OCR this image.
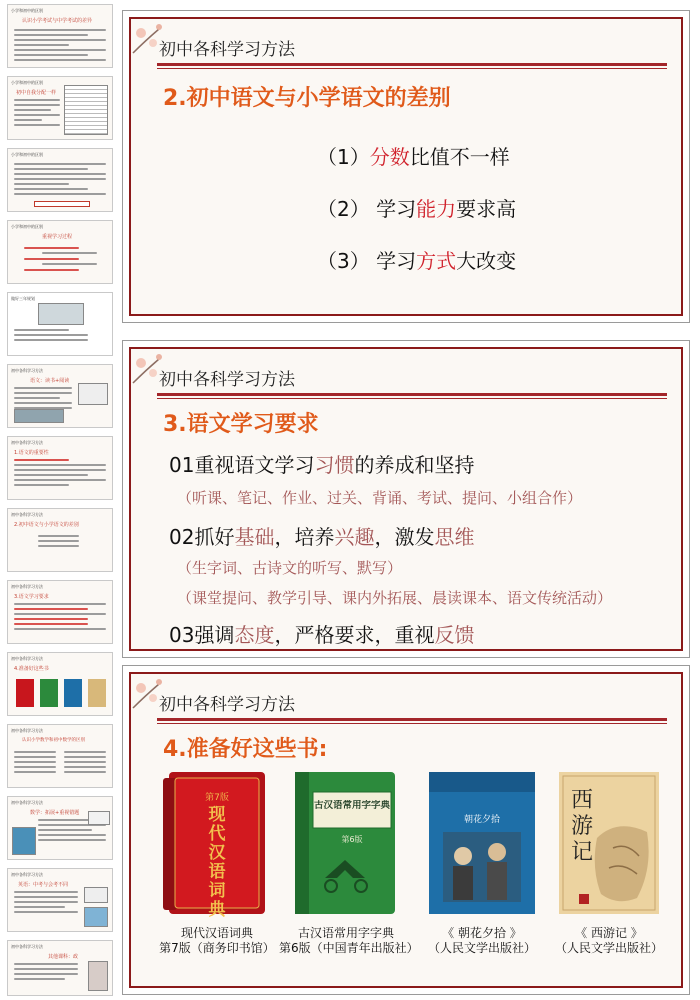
小学和初中的区别
认识小学考试与中学考试的差异
小学和初中的区别
初中自我分配一样
小学和初中的区别
小学和初中的区别
重视学习过程
做好三年规划
初中各科学习方法
语文：读书+阅读
初中各科学习方法
1.语文的重要性
初中各科学习方法
2.初中语文与小学语文的差别
初中各科学习方法
3.语文学习要求
初中各科学习方法
4.准备好这些书
初中各科学习方法
认识小学数学和初中数学的区别
初中各科学习方法
数学：拓展+重视错题
初中各科学习方法
英语：中考与会考不同
初中各科学习方法
其他课科：政
初中各科学习方法
2.初中语文与小学语文的差别
（1）分数比值不一样
（2） 学习能力要求高
（3） 学习方式大改变
初中各科学习方法
3.语文学习要求
01重视语文学习习惯的养成和坚持
（听课、笔记、作业、过关、背诵、考试、提问、小组合作）
02抓好基础，培养兴趣，激发思维
（生字词、古诗文的听写、默写）
（课堂提问、教学引导、课内外拓展、晨读课本、语文传统活动）
03强调态度，严格要求，重视反馈
初中各科学习方法
4.准备好这些书:
第7版
现代汉语词典
第6版
古汉语常用字字典
朝花夕拾
西游记
现代汉语词典
第7版（商务印书馆）
古汉语常用字字典
第6版（中国青年出版社）
《 朝花夕拾 》
（人民文学出版社）
《 西游记 》
（人民文学出版社）
